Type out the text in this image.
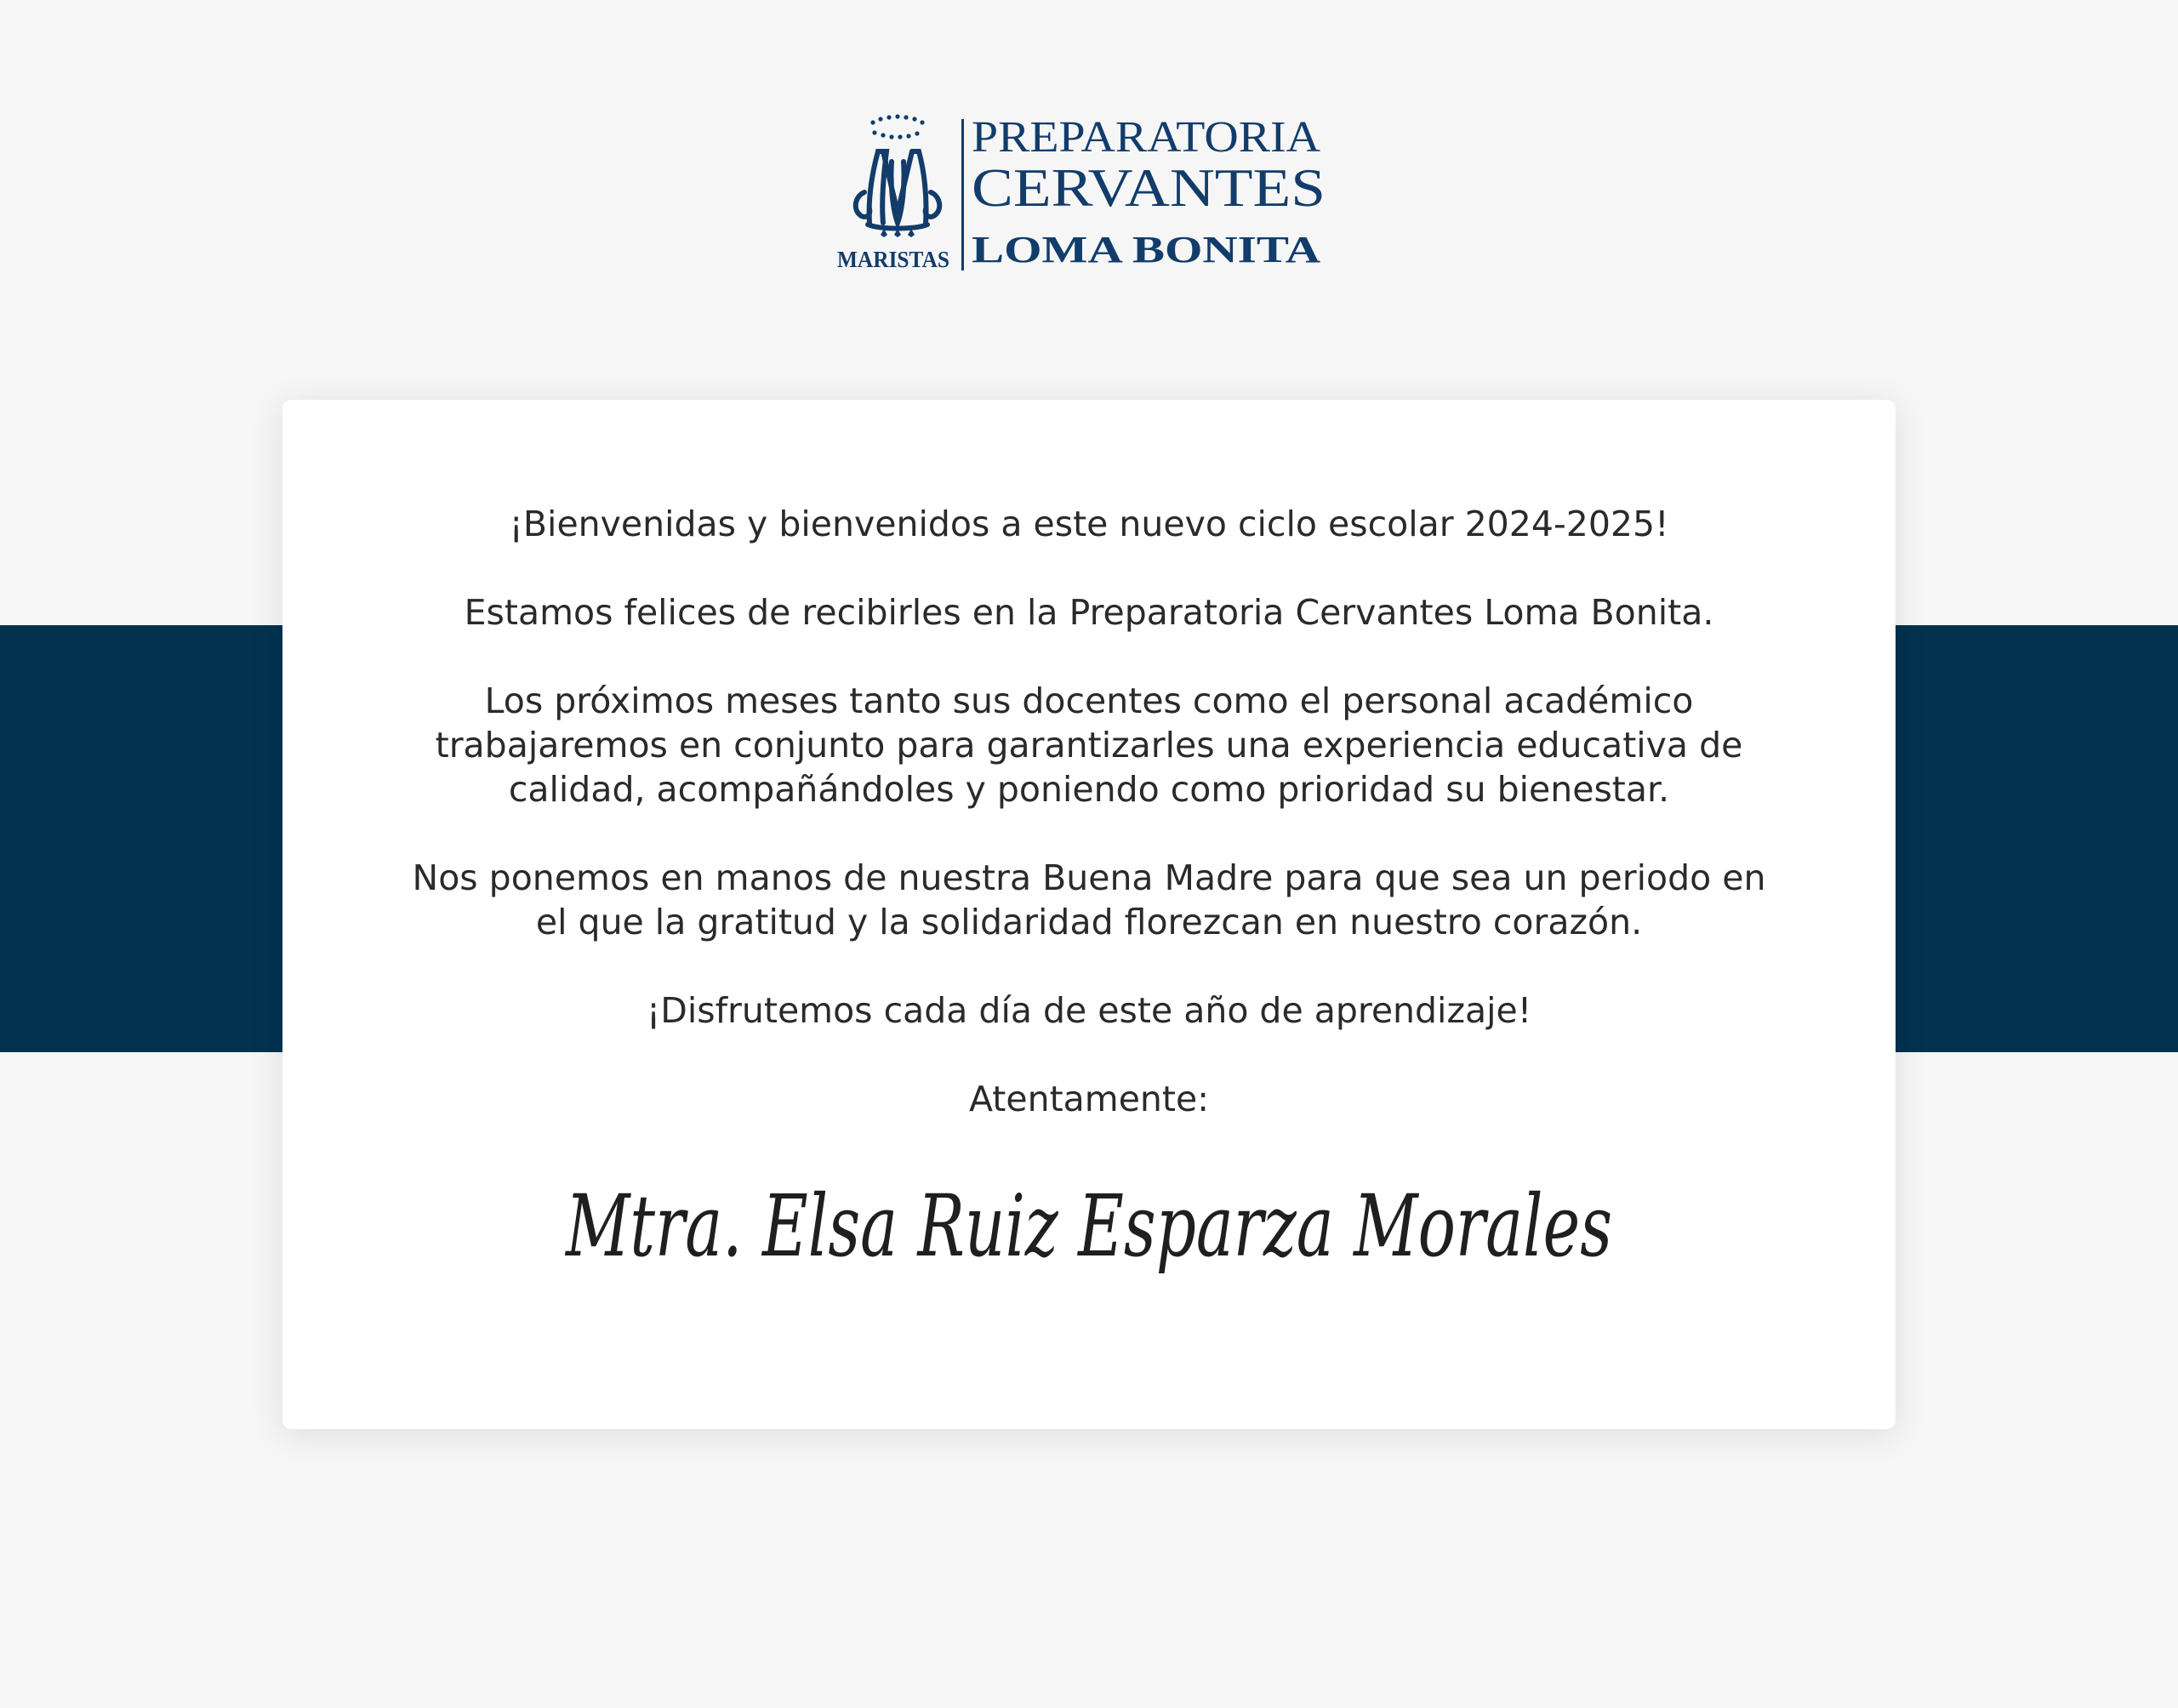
MARISTAS
PREPARATORIA
CERVANTES
LOMA BONITA

¡Bienvenidas y bienvenidos a este nuevo ciclo escolar 2024-2025!

Estamos felices de recibirles en la Preparatoria Cervantes Loma Bonita.

Los próximos meses tanto sus docentes como el personal académico trabajaremos en conjunto para garantizarles una experiencia educativa de calidad, acompañándoles y poniendo como prioridad su bienestar.

Nos ponemos en manos de nuestra Buena Madre para que sea un periodo en el que la gratitud y la solidaridad florezcan en nuestro corazón.

¡Disfrutemos cada día de este año de aprendizaje!

Atentamente:

Mtra. Elsa Ruiz Esparza Morales
